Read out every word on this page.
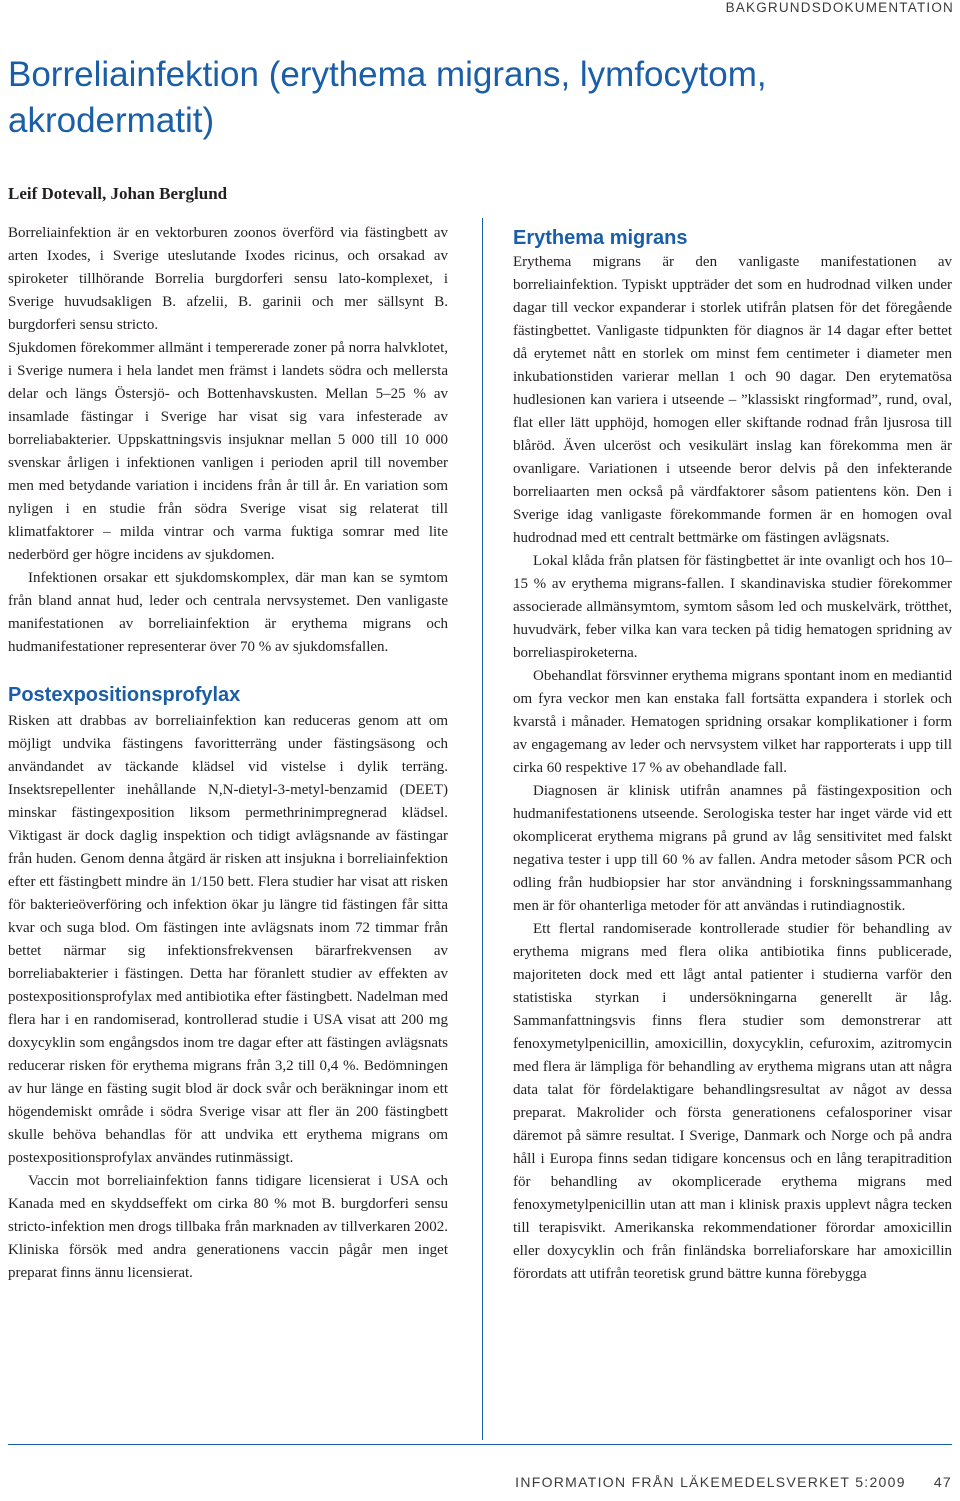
BAKGRUNDSDOKUMENTATION
Borreliainfektion (erythema migrans, lymfocytom, akrodermatit)

Leif Dotevall, Johan Berglund

Borreliainfektion är en vektorburen zoonos överförd via fästingbett av arten Ixodes, i Sverige uteslutande Ixodes ricinus, och orsakad av spiroketer tillhörande Borrelia burgdorferi sensu lato-komplexet, i Sverige huvudsakligen B. afzelii, B. garinii och mer sällsynt B. burgdorferi sensu stricto.

Sjukdomen förekommer allmänt i tempererade zoner på norra halvklotet, i Sverige numera i hela landet men främst i landets södra och mellersta delar och längs Östersjö- och Bottenhavskusten. Mellan 5–25 % av insamlade fästingar i Sverige har visat sig vara infesterade av borreliabakterier. Uppskattningsvis insjuknar mellan 5 000 till 10 000 svenskar årligen i infektionen vanligen i perioden april till november men med betydande variation i incidens från år till år. En variation som nyligen i en studie från södra Sverige visat sig relaterat till klimatfaktorer – milda vintrar och varma fuktiga somrar med lite nederbörd ger högre incidens av sjukdomen.

Infektionen orsakar ett sjukdomskomplex, där man kan se symtom från bland annat hud, leder och centrala nervsystemet. Den vanligaste manifestationen av borreliainfektion är erythema migrans och hudmanifestationer representerar över 70 % av sjukdomsfallen.

Postexpositionsprofylax

Risken att drabbas av borreliainfektion kan reduceras genom att om möjligt undvika fästingens favoritterräng under fästingsäsong och användandet av täckande klädsel vid vistelse i dylik terräng. Insektsrepellenter inehållande N,N-dietyl-3-metyl-benzamid (DEET) minskar fästingexposition liksom permethrinimpregnerad klädsel. Viktigast är dock daglig inspektion och tidigt avlägsnande av fästingar från huden. Genom denna åtgärd är risken att insjukna i borreliainfektion efter ett fästingbett mindre än 1/150 bett. Flera studier har visat att risken för bakterieöverföring och infektion ökar ju längre tid fästingen får sitta kvar och suga blod. Om fästingen inte avlägsnats inom 72 timmar från bettet närmar sig infektionsfrekvensen bärarfrekvensen av borreliabakterier i fästingen. Detta har föranlett studier av effekten av postexpositionsprofylax med antibiotika efter fästingbett. Nadelman med flera har i en randomiserad, kontrollerad studie i USA visat att 200 mg doxycyklin som engångsdos inom tre dagar efter att fästingen avlägsnats reducerar risken för erythema migrans från 3,2 till 0,4 %. Bedömningen av hur länge en fästing sugit blod är dock svår och beräkningar inom ett högendemiskt område i södra Sverige visar att fler än 200 fästingbett skulle behöva behandlas för att undvika ett erythema migrans om postexpositionsprofylax användes rutinmässigt.

Vaccin mot borreliainfektion fanns tidigare licensierat i USA och Kanada med en skyddseffekt om cirka 80 % mot B. burgdorferi sensu stricto-infektion men drogs tillbaka från marknaden av tillverkaren 2002. Kliniska försök med andra generationens vaccin pågår men inget preparat finns ännu licensierat.

Erythema migrans

Erythema migrans är den vanligaste manifestationen av borreliainfektion. Typiskt uppträder det som en hudrodnad vilken under dagar till veckor expanderar i storlek utifrån platsen för det föregående fästingbettet. Vanligaste tidpunkten för diagnos är 14 dagar efter bettet då erytemet nått en storlek om minst fem centimeter i diameter men inkubationstiden varierar mellan 1 och 90 dagar. Den erytematösa hudlesionen kan variera i utseende – ”klassiskt ringformad”, rund, oval, flat eller lätt upphöjd, homogen eller skiftande rodnad från ljusrosa till blåröd. Även ulceröst och vesikulärt inslag kan förekomma men är ovanligare. Variationen i utseende beror delvis på den infekterande borreliaarten men också på värdfaktorer såsom patientens kön. Den i Sverige idag vanligaste förekommande formen är en homogen oval hudrodnad med ett centralt bettmärke om fästingen avlägsnats.

Lokal klåda från platsen för fästingbettet är inte ovanligt och hos 10–15 % av erythema migrans-fallen. I skandinaviska studier förekommer associerade allmänsymtom, symtom såsom led och muskelvärk, trötthet, huvudvärk, feber vilka kan vara tecken på tidig hematogen spridning av borreliaspiroketerna.

Obehandlat försvinner erythema migrans spontant inom en mediantid om fyra veckor men kan enstaka fall fortsätta expandera i storlek och kvarstå i månader. Hematogen spridning orsakar komplikationer i form av engagemang av leder och nervsystem vilket har rapporterats i upp till cirka 60 respektive 17 % av obehandlade fall.

Diagnosen är klinisk utifrån anamnes på fästingexposition och hudmanifestationens utseende. Serologiska tester har inget värde vid ett okomplicerat erythema migrans på grund av låg sensitivitet med falskt negativa tester i upp till 60 % av fallen. Andra metoder såsom PCR och odling från hudbiopsier har stor användning i forskningssammanhang men är för ohanterliga metoder för att användas i rutindiagnostik.

Ett flertal randomiserade kontrollerade studier för behandling av erythema migrans med flera olika antibiotika finns publicerade, majoriteten dock med ett lågt antal patienter i studierna varför den statistiska styrkan i undersökningarna generellt är låg. Sammanfattningsvis finns flera studier som demonstrerar att fenoxymetylpenicillin, amoxicillin, doxycyklin, cefuroxim, azitromycin med flera är lämpliga för behandling av erythema migrans utan att några data talat för fördelaktigare behandlingsresultat av något av dessa preparat. Makrolider och första generationens cefalosporiner visar däremot på sämre resultat. I Sverige, Danmark och Norge och på andra håll i Europa finns sedan tidigare koncensus och en lång terapitradition för behandling av okomplicerade erythema migrans med fenoxymetylpenicillin utan att man i klinisk praxis upplevt några tecken till terapisvikt. Amerikanska rekommendationer förordar amoxicillin eller doxycyklin och från finländska borreliaforskare har amoxicillin förordats att utifrån teoretisk grund bättre kunna förebygga

INFORMATION FRÅN LÄKEMEDELSVERKET 5:2009 47
